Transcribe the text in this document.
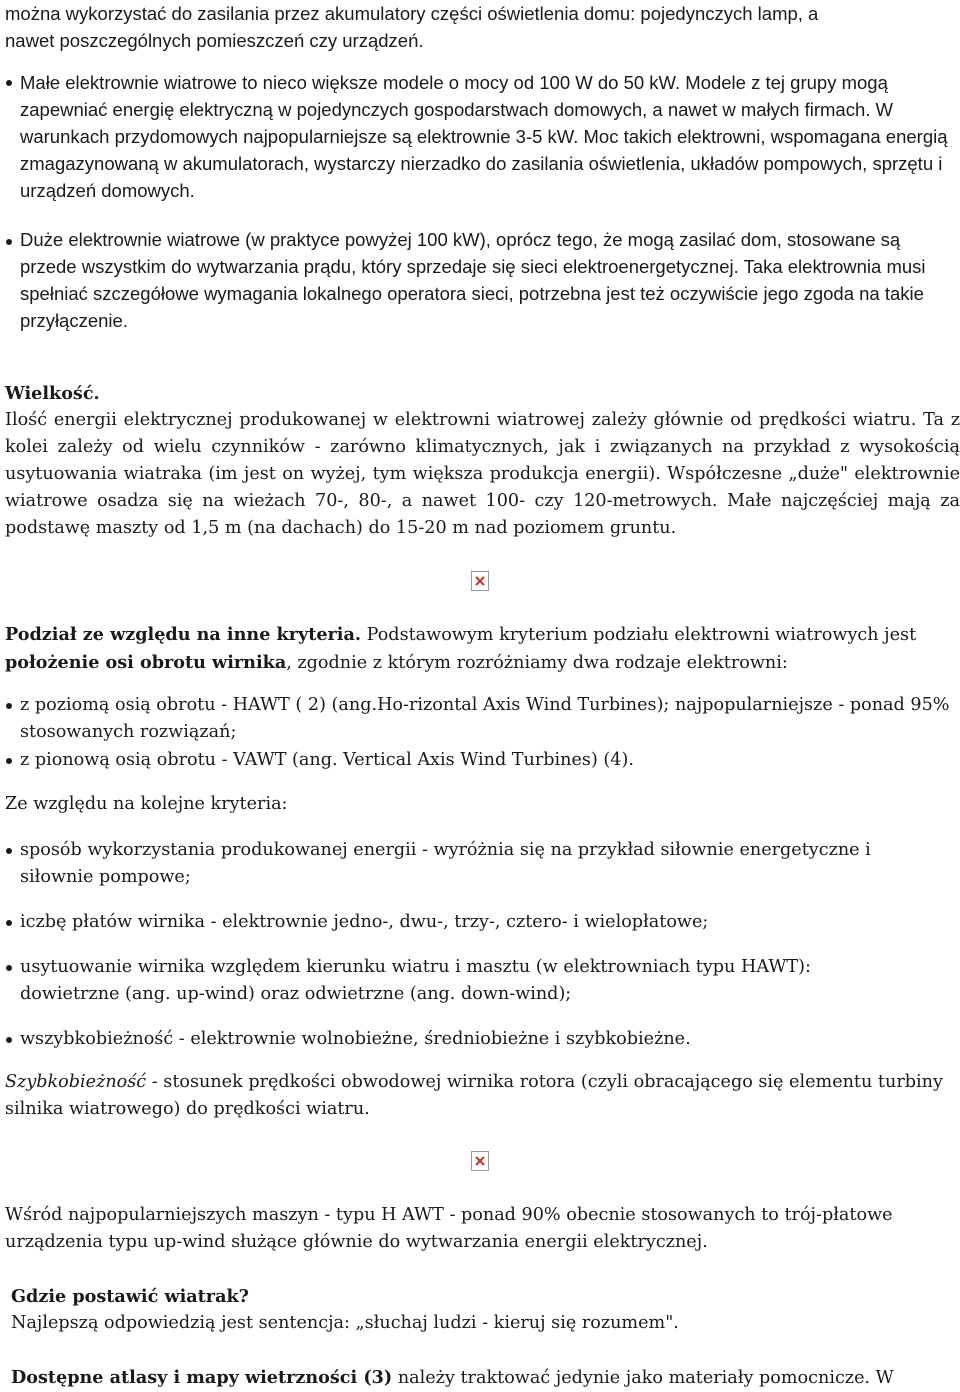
można wykorzystać do zasilania przez akumulatory części oświetlenia domu: pojedynczych lamp, a

nawet poszczególnych pomieszczeń czy urządzeń.

Małe elektrownie wiatrowe to nieco większe modele o mocy od 100 W do 50 kW. Modele z tej grupy mogą zapewniać energię elektryczną w pojedynczych gospodarstwach domowych, a nawet w małych firmach. W warunkach przydomowych najpopularniejsze są elektrownie 3-5 kW. Moc takich elektrowni, wspomagana energią zmagazynowaną w akumulatorach, wystarczy nierzadko do zasilania oświetlenia, układów pompowych, sprzętu i urządzeń domowych.

Duże elektrownie wiatrowe (w praktyce powyżej 100 kW), oprócz tego, że mogą zasilać dom, stosowane są przede wszystkim do wytwarzania prądu, który sprzedaje się sieci elektroenergetycznej. Taka elektrownia musi spełniać szczegółowe wymagania lokalnego operatora sieci, potrzebna jest też oczywiście jego zgoda na takie przyłączenie.

Wielkość.

Ilość energii elektrycznej produkowanej w elektrowni wiatrowej zależy głównie od prędkości wiatru. Ta z kolei zależy od wielu czynników - zarówno klimatycznych, jak i związanych na przykład z wysokością usytuowania wiatraka (im jest on wyżej, tym większa produkcja energii). Współczesne „duże" elektrownie wiatrowe osadza się na wieżach 70-, 80-, a nawet 100- czy 120-metrowych. Małe najczęściej mają za podstawę maszty od 1,5 m (na dachach) do 15-20 m nad poziomem gruntu.

Podział ze względu na inne kryteria. Podstawowym kryterium podziału elektrowni wiatrowych jest położenie osi obrotu wirnika, zgodnie z którym rozróżniamy dwa rodzaje elektrowni:

z poziomą osią obrotu - HAWT ( 2) (ang.Ho-rizontal Axis Wind Turbines); najpopularniejsze - ponad 95% stosowanych rozwiązań;

z pionową osią obrotu - VAWT (ang. Vertical Axis Wind Turbines) (4).

Ze względu na kolejne kryteria:

sposób wykorzystania produkowanej energii - wyróżnia się na przykład siłownie energetyczne i siłownie pompowe;

iczbę płatów wirnika - elektrownie jedno-, dwu-, trzy-, cztero- i wielopłatowe;

usytuowanie wirnika względem kierunku wiatru i masztu (w elektrowniach typu HAWT): dowietrzne (ang. up-wind) oraz odwietrzne (ang. down-wind);

wszybkobieżność - elektrownie wolnobieżne, średniobieżne i szybkobieżne.

Szybkobieżność - stosunek prędkości obwodowej wirnika rotora (czyli obracającego się elementu turbiny silnika wiatrowego) do prędkości wiatru.

Wśród najpopularniejszych maszyn - typu H AWT - ponad 90% obecnie stosowanych to trój-płatowe urządzenia typu up-wind służące głównie do wytwarzania energii elektrycznej.

Gdzie postawić wiatrak?

Najlepszą odpowiedzią jest sentencja: „słuchaj ludzi - kieruj się rozumem".

Dostępne atlasy i mapy wietrzności (3) należy traktować jedynie jako materiały pomocnicze. W
